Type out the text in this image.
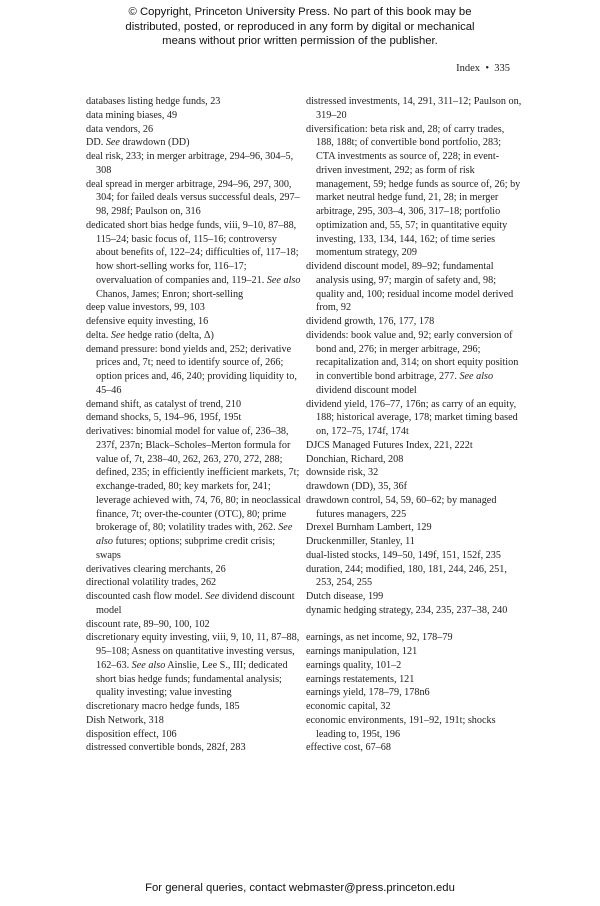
© Copyright, Princeton University Press. No part of this book may be
distributed, posted, or reproduced in any form by digital or mechanical
means without prior written permission of the publisher.
Index • 335
databases listing hedge funds, 23
data mining biases, 49
data vendors, 26
DD. See drawdown (DD)
deal risk, 233; in merger arbitrage, 294–96, 304–5, 308
deal spread in merger arbitrage, 294–96, 297, 300, 304; for failed deals versus successful deals, 297–98, 298f; Paulson on, 316
dedicated short bias hedge funds, viii, 9–10, 87–88, 115–24; basic focus of, 115–16; controversy about benefits of, 122–24; difficulties of, 117–18; how short-selling works for, 116–17; overvaluation of companies and, 119–21. See also Chanos, James; Enron; short-selling
deep value investors, 99, 103
defensive equity investing, 16
delta. See hedge ratio (delta, Δ)
demand pressure: bond yields and, 252; derivative prices and, 7t; need to identify source of, 266; option prices and, 46, 240; providing liquidity to, 45–46
demand shift, as catalyst of trend, 210
demand shocks, 5, 194–96, 195f, 195t
derivatives: binomial model for value of, 236–38, 237f, 237n; Black–Scholes–Merton formula for value of, 7t, 238–40, 262, 263, 270, 272, 288; defined, 235; in efficiently inefficient markets, 7t; exchange-traded, 80; key markets for, 241; leverage achieved with, 74, 76, 80; in neoclassical finance, 7t; over-the-counter (OTC), 80; prime brokerage of, 80; volatility trades with, 262. See also futures; options; subprime credit crisis; swaps
derivatives clearing merchants, 26
directional volatility trades, 262
discounted cash flow model. See dividend discount model
discount rate, 89–90, 100, 102
discretionary equity investing, viii, 9, 10, 11, 87–88, 95–108; Asness on quantitative investing versus, 162–63. See also Ainslie, Lee S., III; dedicated short bias hedge funds; fundamental analysis; quality investing; value investing
discretionary macro hedge funds, 185
Dish Network, 318
disposition effect, 106
distressed convertible bonds, 282f, 283
distressed investments, 14, 291, 311–12; Paulson on, 319–20
diversification: beta risk and, 28; of carry trades, 188, 188t; of convertible bond portfolio, 283; CTA investments as source of, 228; in event-driven investment, 292; as form of risk management, 59; hedge funds as source of, 26; by market neutral hedge fund, 21, 28; in merger arbitrage, 295, 303–4, 306, 317–18; portfolio optimization and, 55, 57; in quantitative equity investing, 133, 134, 144, 162; of time series momentum strategy, 209
dividend discount model, 89–92; fundamental analysis using, 97; margin of safety and, 98; quality and, 100; residual income model derived from, 92
dividend growth, 176, 177, 178
dividends: book value and, 92; early conversion of bond and, 276; in merger arbitrage, 296; recapitalization and, 314; on short equity position in convertible bond arbitrage, 277. See also dividend discount model
dividend yield, 176–77, 176n; as carry of an equity, 188; historical average, 178; market timing based on, 172–75, 174f, 174t
DJCS Managed Futures Index, 221, 222t
Donchian, Richard, 208
downside risk, 32
drawdown (DD), 35, 36f
drawdown control, 54, 59, 60–62; by managed futures managers, 225
Drexel Burnham Lambert, 129
Druckenmiller, Stanley, 11
dual-listed stocks, 149–50, 149f, 151, 152f, 235
duration, 244; modified, 180, 181, 244, 246, 251, 253, 254, 255
Dutch disease, 199
dynamic hedging strategy, 234, 235, 237–38, 240
earnings, as net income, 92, 178–79
earnings manipulation, 121
earnings quality, 101–2
earnings restatements, 121
earnings yield, 178–79, 178n6
economic capital, 32
economic environments, 191–92, 191t; shocks leading to, 195t, 196
effective cost, 67–68
For general queries, contact webmaster@press.princeton.edu
